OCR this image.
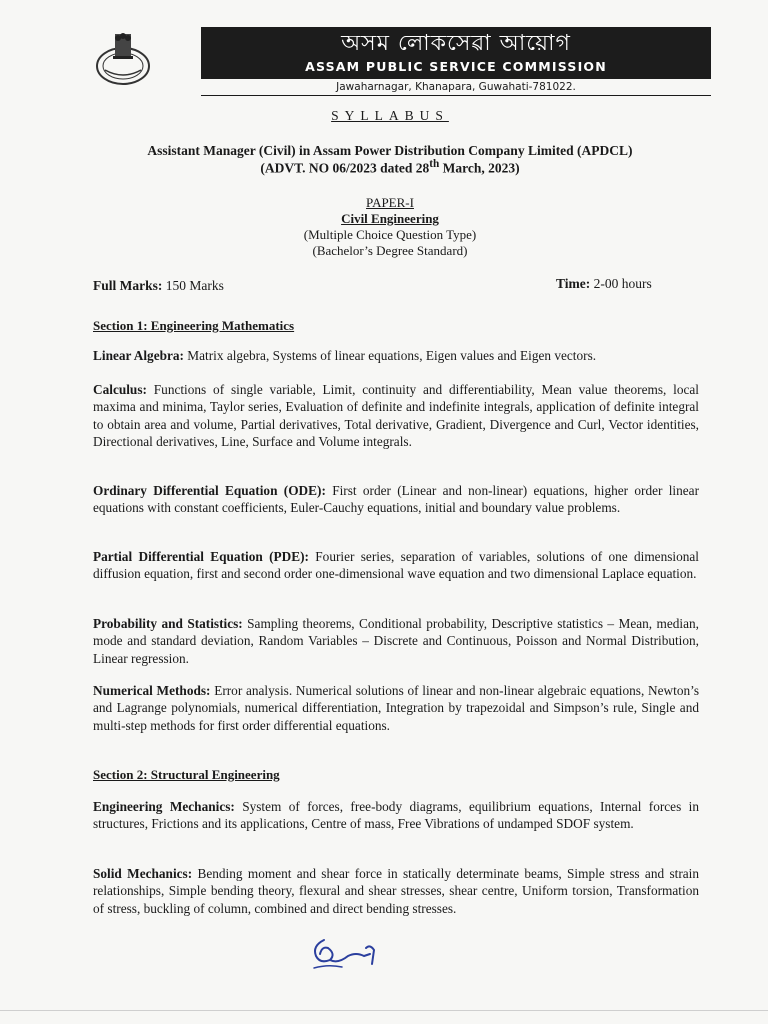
অসম লোকসেৱা আয়োগ
ASSAM PUBLIC SERVICE COMMISSION
Jawaharnagar, Khanapara, Guwahati-781022.
SYLLABUS
Assistant Manager (Civil) in Assam Power Distribution Company Limited (APDCL)
(ADVT. NO 06/2023 dated 28th March, 2023)
PAPER-I
Civil Engineering
(Multiple Choice Question Type)
(Bachelor’s Degree Standard)
Full Marks: 150 Marks	Time: 2-00 hours
Section 1: Engineering Mathematics

Linear Algebra: Matrix algebra, Systems of linear equations, Eigen values and Eigen vectors.

Calculus: Functions of single variable, Limit, continuity and differentiability, Mean value theorems, local maxima and minima, Taylor series, Evaluation of definite and indefinite integrals, application of definite integral to obtain area and volume, Partial derivatives, Total derivative, Gradient, Divergence and Curl, Vector identities, Directional derivatives, Line, Surface and Volume integrals.

Ordinary Differential Equation (ODE): First order (Linear and non-linear) equations, higher order linear equations with constant coefficients, Euler-Cauchy equations, initial and boundary value problems.

Partial Differential Equation (PDE): Fourier series, separation of variables, solutions of one dimensional diffusion equation, first and second order one-dimensional wave equation and two dimensional Laplace equation.

Probability and Statistics: Sampling theorems, Conditional probability, Descriptive statistics – Mean, median, mode and standard deviation, Random Variables – Discrete and Continuous, Poisson and Normal Distribution, Linear regression.

Numerical Methods: Error analysis. Numerical solutions of linear and non-linear algebraic equations, Newton’s and Lagrange polynomials, numerical differentiation, Integration by trapezoidal and Simpson’s rule, Single and multi-step methods for first order differential equations.

Section 2: Structural Engineering

Engineering Mechanics: System of forces, free-body diagrams, equilibrium equations, Internal forces in structures, Frictions and its applications, Centre of mass, Free Vibrations of undamped SDOF system.

Solid Mechanics: Bending moment and shear force in statically determinate beams, Simple stress and strain relationships, Simple bending theory, flexural and shear stresses, shear centre, Uniform torsion, Transformation of stress, buckling of column, combined and direct bending stresses.
